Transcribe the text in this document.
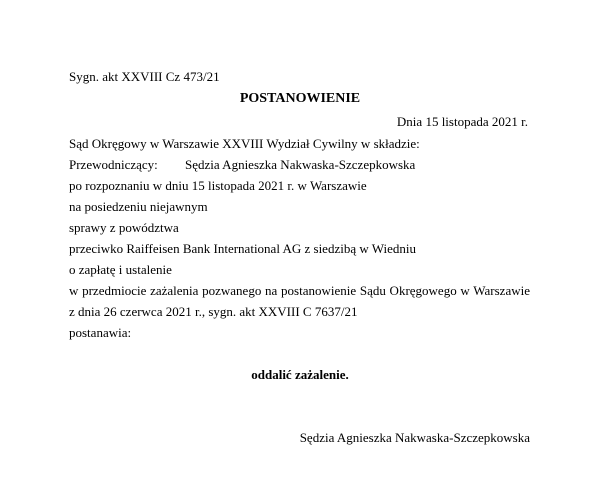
Sygn. akt XXVIII Cz 473/21
POSTANOWIENIE
Dnia 15 listopada 2021 r.
Sąd Okręgowy w Warszawie XXVIII Wydział Cywilny w składzie:
Przewodniczący: Sędzia Agnieszka Nakwaska-Szczepkowska
po rozpoznaniu w dniu 15 listopada 2021 r. w Warszawie
na posiedzeniu niejawnym
sprawy z powództwa
przeciwko Raiffeisen Bank International AG z siedzibą w Wiedniu
o zapłatę i ustalenie
w przedmiocie zażalenia pozwanego na postanowienie Sądu Okręgowego w Warszawie
z dnia 26 czerwca 2021 r., sygn. akt XXVIII C 7637/21
postanawia:
oddalić zażalenie.
Sędzia Agnieszka Nakwaska-Szczepkowska
